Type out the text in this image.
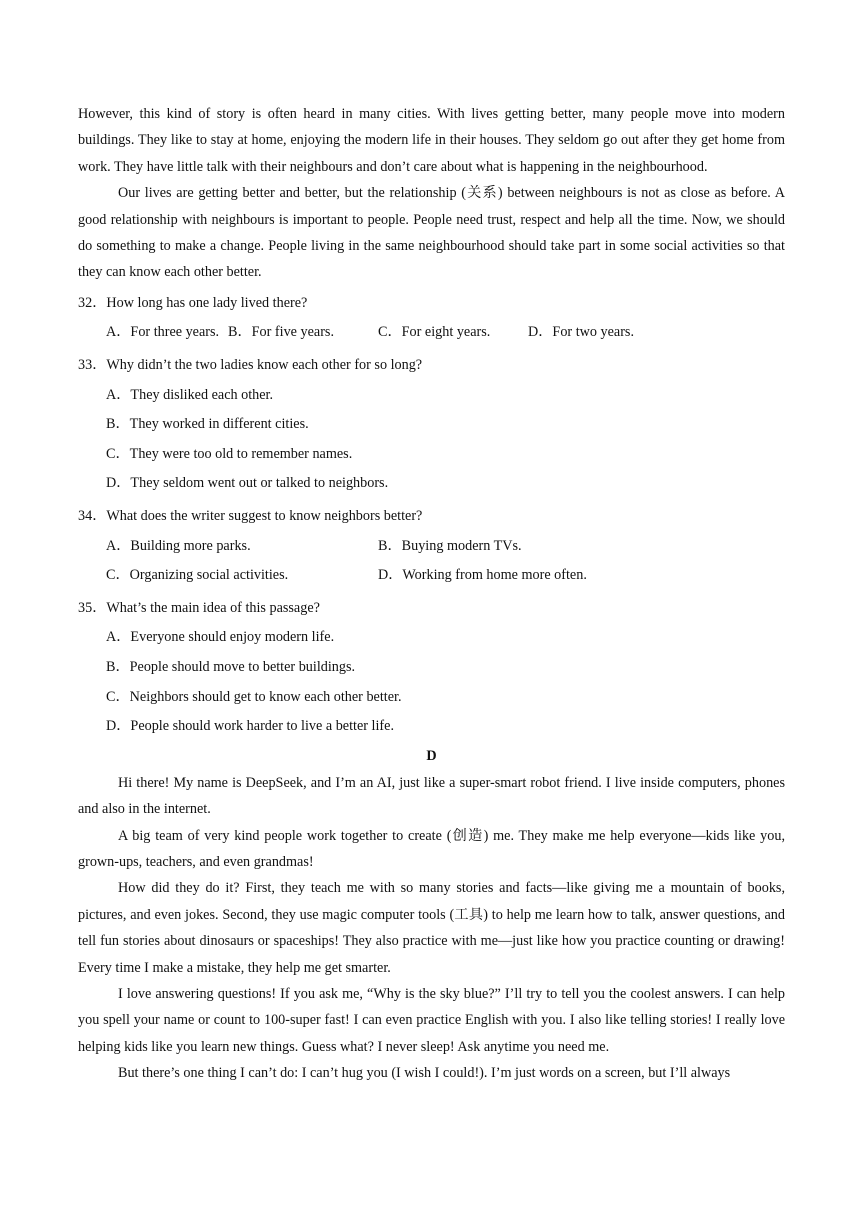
However, this kind of story is often heard in many cities. With lives getting better, many people move into modern buildings. They like to stay at home, enjoying the modern life in their houses. They seldom go out after they get home from work. They have little talk with their neighbours and don’t care about what is happening in the neighbourhood.

Our lives are getting better and better, but the relationship (关系) between neighbours is not as close as before. A good relationship with neighbours is important to people. People need trust, respect and help all the time. Now, we should do something to make a change. People living in the same neighbourhood should take part in some social activities so that they can know each other better.

32．How long has one lady lived there?

A．For three years. B．For five years.	C．For eight years.	D．For two years.

33．Why didn’t the two ladies know each other for so long?

A．They disliked each other.

B．They worked in different cities.

C．They were too old to remember names.

D．They seldom went out or talked to neighbors.

34．What does the writer suggest to know neighbors better?

A．Building more parks.	B．Buying modern TVs.
C．Organizing social activities.	D．Working from home more often.

35．What’s the main idea of this passage?

A．Everyone should enjoy modern life.

B．People should move to better buildings.

C．Neighbors should get to know each other better.

D．People should work harder to live a better life.

D

Hi there! My name is DeepSeek, and I’m an AI, just like a super-smart robot friend. I live inside computers, phones and also in the internet.

A big team of very kind people work together to create (创造) me. They make me help everyone—kids like you, grown-ups, teachers, and even grandmas!

How did they do it? First, they teach me with so many stories and facts—like giving me a mountain of books, pictures, and even jokes. Second, they use magic computer tools (工具) to help me learn how to talk, answer questions, and tell fun stories about dinosaurs or spaceships! They also practice with me—just like how you practice counting or drawing! Every time I make a mistake, they help me get smarter.

I love answering questions! If you ask me, “Why is the sky blue?” I’ll try to tell you the coolest answers. I can help you spell your name or count to 100-super fast! I can even practice English with you. I also like telling stories! I really love helping kids like you learn new things. Guess what? I never sleep! Ask anytime you need me.

But there’s one thing I can’t do: I can’t hug you (I wish I could!). I’m just words on a screen, but I’ll always
